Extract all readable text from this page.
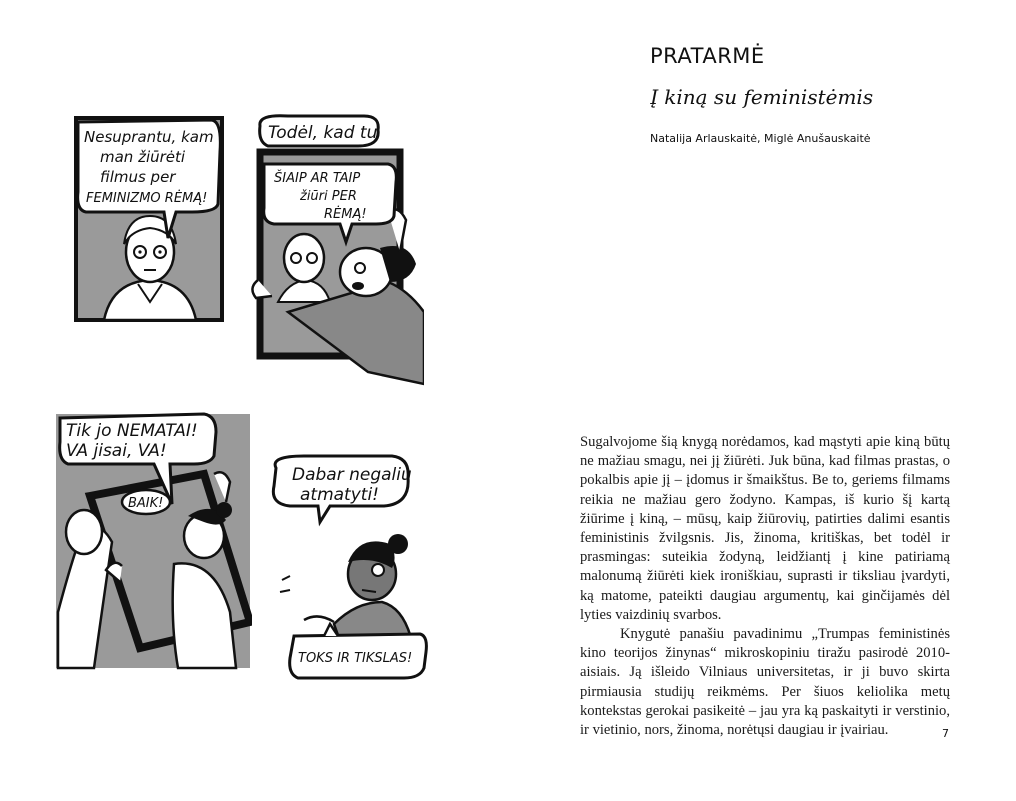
Nesuprantu, kam
man žiūrėti
filmus per
FEMINIZMO RĖMĄ!
Todėl, kad tu
ŠIAIP AR TAIP
žiūri PER
RĖMĄ!
Tik jo NEMATAI!
VA jisai, VA!
BAIK!
Dabar negaliu
atmatyti!
TOKS IR TIKSLAS!
PRATARMĖ
Į kiną su feministėmis
Natalija Arlauskaitė, Miglė Anušauskaitė

Sugalvojome šią knygą norėdamos, kad mąstyti apie kiną būtų ne mažiau smagu, nei jį žiūrėti. Juk būna, kad filmas prastas, o pokalbis apie jį – įdomus ir šmaikštus. Be to, geriems filmams reikia ne mažiau gero žodyno. Kampas, iš kurio šį kartą žiūrime į kiną, – mūsų, kaip žiūrovių, patirties dalimi esantis feministinis žvilgsnis. Jis, žinoma, kritiškas, bet todėl ir prasmingas: suteikia žodyną, leidžiantį į kine patiriamą malonumą žiūrėti kiek ironiškiau, suprasti ir tiksliau įvardyti, ką matome, pateikti daugiau argumentų, kai ginčijamės dėl lyties vaizdinių svarbos.

Knygutė panašiu pavadinimu „Trumpas feministinės kino teorijos žinynas“ mikroskopiniu tiražu pasirodė 2010-aisiais. Ją išleido Vilniaus universitetas, ir ji buvo skirta pirmiausia studijų reikmėms. Per šiuos keliolika metų kontekstas gerokai pasikeitė – jau yra ką paskaityti ir verstinio, ir vietinio, nors, žinoma, norėtųsi daugiau ir įvairiau.	7
